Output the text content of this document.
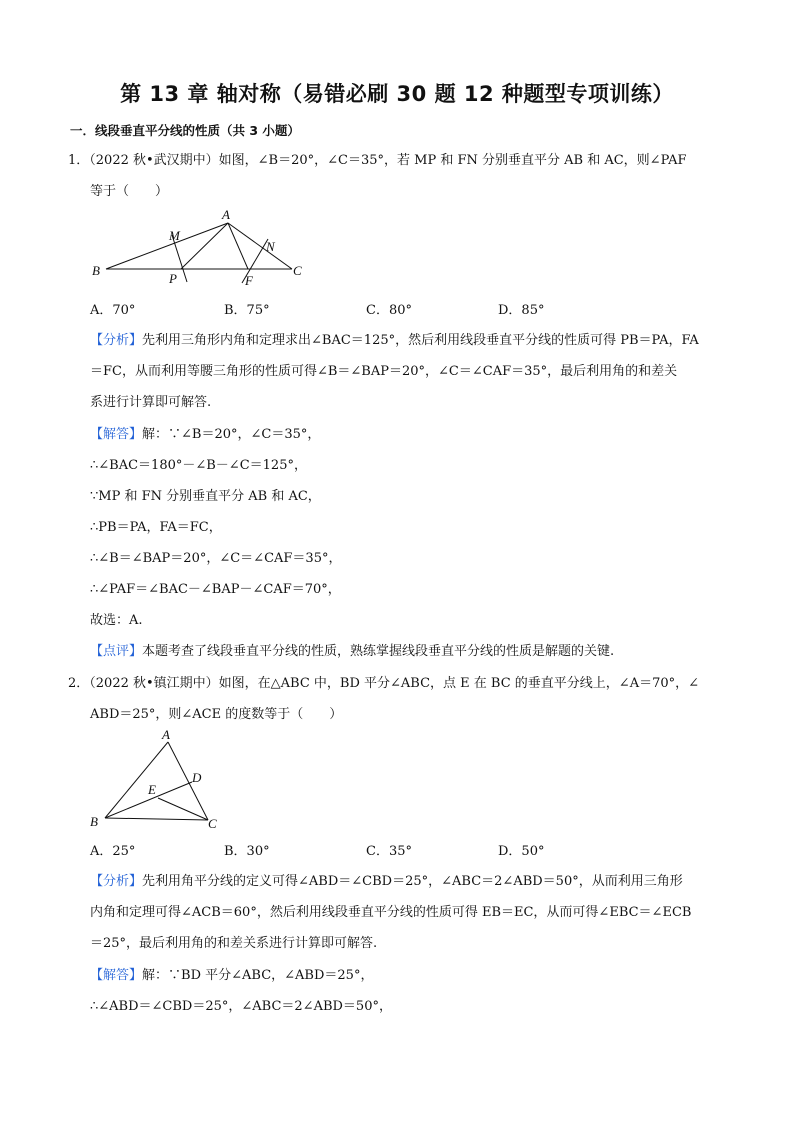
第 13 章 轴对称（易错必刷 30 题 12 种题型专项训练）
一．线段垂直平分线的性质（共 3 小题）
1．（2022 秋•武汉期中）如图，∠B＝20°，∠C＝35°，若 MP 和 FN 分别垂直平分 AB 和 AC，则∠PAF
等于（　　）
A
M
N
B
P	F
C
A．70°	B．75°	C．80°	D．85°
【分析】先利用三角形内角和定理求出∠BAC＝125°，然后利用线段垂直平分线的性质可得 PB＝PA，FA
＝FC，从而利用等腰三角形的性质可得∠B＝∠BAP＝20°，∠C＝∠CAF＝35°，最后利用角的和差关
系进行计算即可解答.
【解答】解：∵∠B＝20°，∠C＝35°，
∴∠BAC＝180°－∠B－∠C＝125°，
∵MP 和 FN 分别垂直平分 AB 和 AC，
∴PB＝PA，FA＝FC，
∴∠B＝∠BAP＝20°，∠C＝∠CAF＝35°，
∴∠PAF＝∠BAC－∠BAP－∠CAF＝70°，
故选：A.
【点评】本题考查了线段垂直平分线的性质，熟练掌握线段垂直平分线的性质是解题的关键.
2．（2022 秋•镇江期中）如图，在△ABC 中，BD 平分∠ABC，点 E 在 BC 的垂直平分线上，∠A＝70°，∠
ABD＝25°，则∠ACE 的度数等于（　　）
A
D
E
B	C
A．25°	B．30°	C．35°	D．50°
【分析】先利用角平分线的定义可得∠ABD＝∠CBD＝25°，∠ABC＝2∠ABD＝50°，从而利用三角形
内角和定理可得∠ACB＝60°，然后利用线段垂直平分线的性质可得 EB＝EC，从而可得∠EBC＝∠ECB
＝25°，最后利用角的和差关系进行计算即可解答.
【解答】解：∵BD 平分∠ABC，∠ABD＝25°，
∴∠ABD＝∠CBD＝25°，∠ABC＝2∠ABD＝50°，
